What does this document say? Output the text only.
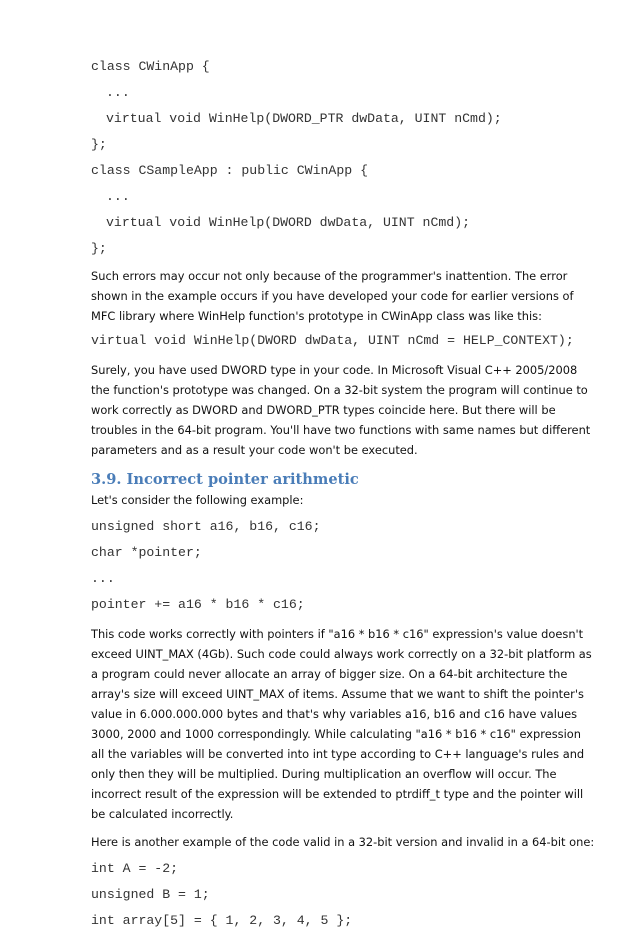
class CWinApp {
...
virtual void WinHelp(DWORD_PTR dwData, UINT nCmd);
};
class CSampleApp : public CWinApp {
...
virtual void WinHelp(DWORD dwData, UINT nCmd);
};

Such errors may occur not only because of the programmer's inattention. The error shown in the example occurs if you have developed your code for earlier versions of MFC library where WinHelp function's prototype in CWinApp class was like this:

virtual void WinHelp(DWORD dwData, UINT nCmd = HELP_CONTEXT);

Surely, you have used DWORD type in your code. In Microsoft Visual C++ 2005/2008 the function's prototype was changed. On a 32-bit system the program will continue to work correctly as DWORD and DWORD_PTR types coincide here. But there will be troubles in the 64-bit program. You'll have two functions with same names but different parameters and as a result your code won't be executed.

3.9. Incorrect pointer arithmetic

Let's consider the following example:

unsigned short a16, b16, c16;
char *pointer;
...
pointer += a16 * b16 * c16;

This code works correctly with pointers if "a16 * b16 * c16" expression's value doesn't exceed UINT_MAX (4Gb). Such code could always work correctly on a 32-bit platform as a program could never allocate an array of bigger size. On a 64-bit architecture the array's size will exceed UINT_MAX of items. Assume that we want to shift the pointer's value in 6.000.000.000 bytes and that's why variables a16, b16 and c16 have values 3000, 2000 and 1000 correspondingly. While calculating "a16 * b16 * c16" expression all the variables will be converted into int type according to C++ language's rules and only then they will be multiplied. During multiplication an overflow will occur. The incorrect result of the expression will be extended to ptrdiff_t type and the pointer will be calculated incorrectly.

Here is another example of the code valid in a 32-bit version and invalid in a 64-bit one:

int A = -2;
unsigned B = 1;
int array[5] = { 1, 2, 3, 4, 5 };
